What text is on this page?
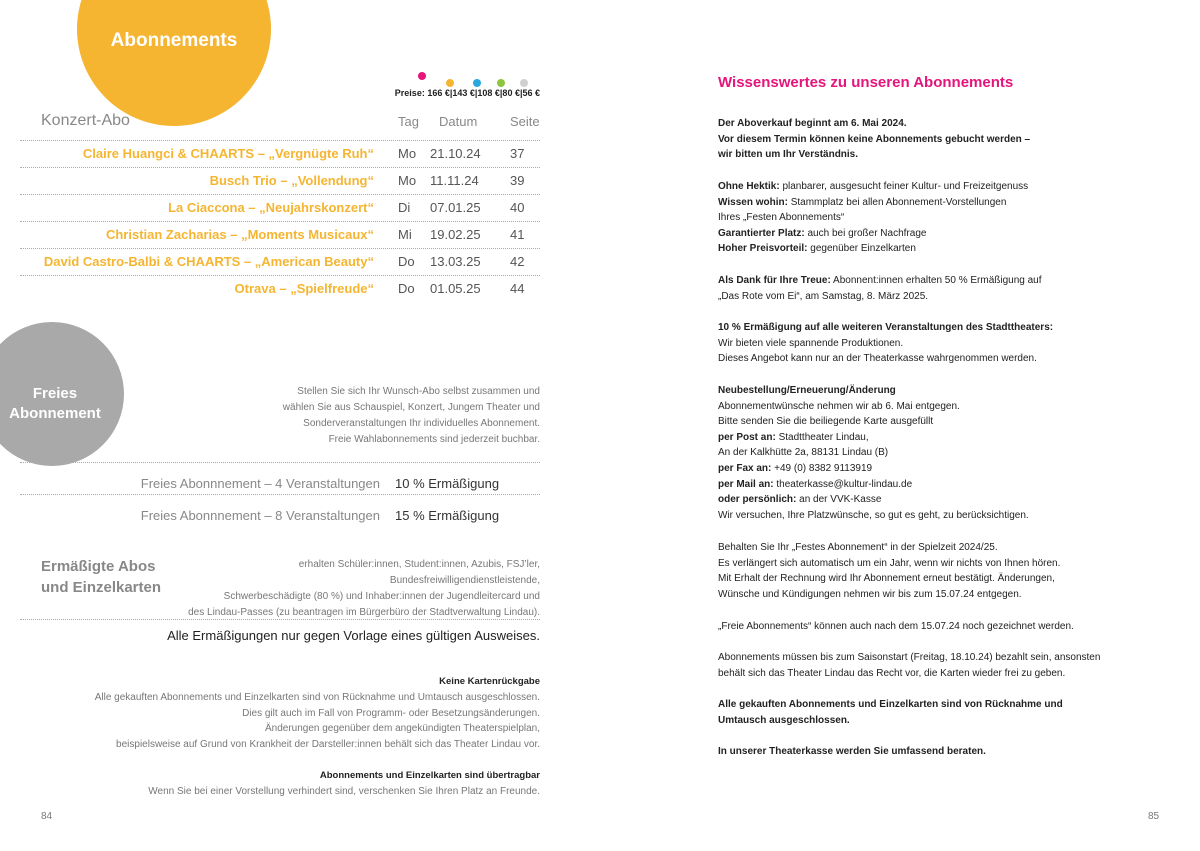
Abonnements
Preise: 166 €|143 €|108 €|80 €|56 €
Konzert-Abo	Tag Datum	Seite
Claire Huangci & CHAARTS – „Vergnügte Ruh“ Mo 21.10.24 37
Busch Trio – „Vollendung“ Mo 11.11.24 39
La Ciaccona – „Neujahrskonzert“ Di 07.01.25 40
Christian Zacharias – „Moments Musicaux“ Mi 19.02.25 41
David Castro-Balbi & CHAARTS – „American Beauty“ Do 13.03.25 42
Otrava – „Spielfreude“ Do 01.05.25 44
Freies
Abonnement
Stellen Sie sich Ihr Wunsch-Abo selbst zusammen und
wählen Sie aus Schauspiel, Konzert, Jungem Theater und
Sonderveranstaltungen Ihr individuelles Abonnement.
Freie Wahlabonnements sind jederzeit buchbar.
Freies Abonnnement – 4 Veranstaltungen 10 % Ermäßigung
Freies Abonnnement – 8 Veranstaltungen 15 % Ermäßigung
Ermäßigte Abos
und Einzelkarten
erhalten Schüler:innen, Student:innen, Azubis, FSJ’ler, Bundesfreiwilligendienstleistende,
Schwerbeschädigte (80 %) und Inhaber:innen der Jugendleitercard und
des Lindau-Passes (zu beantragen im Bürgerbüro der Stadtverwaltung Lindau).
Alle Ermäßigungen nur gegen Vorlage eines gültigen Ausweises.
Keine Kartenrückgabe
Alle gekauften Abonnements und Einzelkarten sind von Rücknahme und Umtausch ausgeschlossen.
Dies gilt auch im Fall von Programm- oder Besetzungsänderungen.
Änderungen gegenüber dem angekündigten Theaterspielplan,
beispielsweise auf Grund von Krankheit der Darsteller:innen behält sich das Theater Lindau vor.
Abonnements und Einzelkarten sind übertragbar
Wenn Sie bei einer Vorstellung verhindert sind, verschenken Sie Ihren Platz an Freunde.
84
Wissenswertes zu unseren Abonnements
Der Aboverkauf beginnt am 6. Mai 2024.
Vor diesem Termin können keine Abonnements gebucht werden –
wir bitten um Ihr Verständnis.
Ohne Hektik: planbarer, ausgesucht feiner Kultur- und Freizeitgenuss
Wissen wohin: Stammplatz bei allen Abonnement-Vorstellungen
Ihres „Festen Abonnements“
Garantierter Platz: auch bei großer Nachfrage
Hoher Preisvorteil: gegenüber Einzelkarten
Als Dank für Ihre Treue: Abonnent:innen erhalten 50 % Ermäßigung auf
„Das Rote vom Ei“, am Samstag, 8. März 2025.
10 % Ermäßigung auf alle weiteren Veranstaltungen des Stadttheaters:
Wir bieten viele spannende Produktionen.
Dieses Angebot kann nur an der Theaterkasse wahrgenommen werden.
Neubestellung/Erneuerung/Änderung
Abonnementwünsche nehmen wir ab 6. Mai entgegen.
Bitte senden Sie die beiliegende Karte ausgefüllt
per Post an: Stadttheater Lindau,
An der Kalkhütte 2a, 88131 Lindau (B)
per Fax an: +49 (0) 8382 9113919
per Mail an: theaterkasse@kultur-lindau.de
oder persönlich: an der VVK-Kasse
Wir versuchen, Ihre Platzwünsche, so gut es geht, zu berücksichtigen.
Behalten Sie Ihr „Festes Abonnement“ in der Spielzeit 2024/25.
Es verlängert sich automatisch um ein Jahr, wenn wir nichts von Ihnen hören.
Mit Erhalt der Rechnung wird Ihr Abonnement erneut bestätigt. Änderungen,
Wünsche und Kündigungen nehmen wir bis zum 15.07.24 entgegen.
„Freie Abonnements“ können auch nach dem 15.07.24 noch gezeichnet werden.
Abonnements müssen bis zum Saisonstart (Freitag, 18.10.24) bezahlt sein, ansonsten
behält sich das Theater Lindau das Recht vor, die Karten wieder frei zu geben.
Alle gekauften Abonnements und Einzelkarten sind von Rücknahme und
Umtausch ausgeschlossen.
In unserer Theaterkasse werden Sie umfassend beraten.
85
